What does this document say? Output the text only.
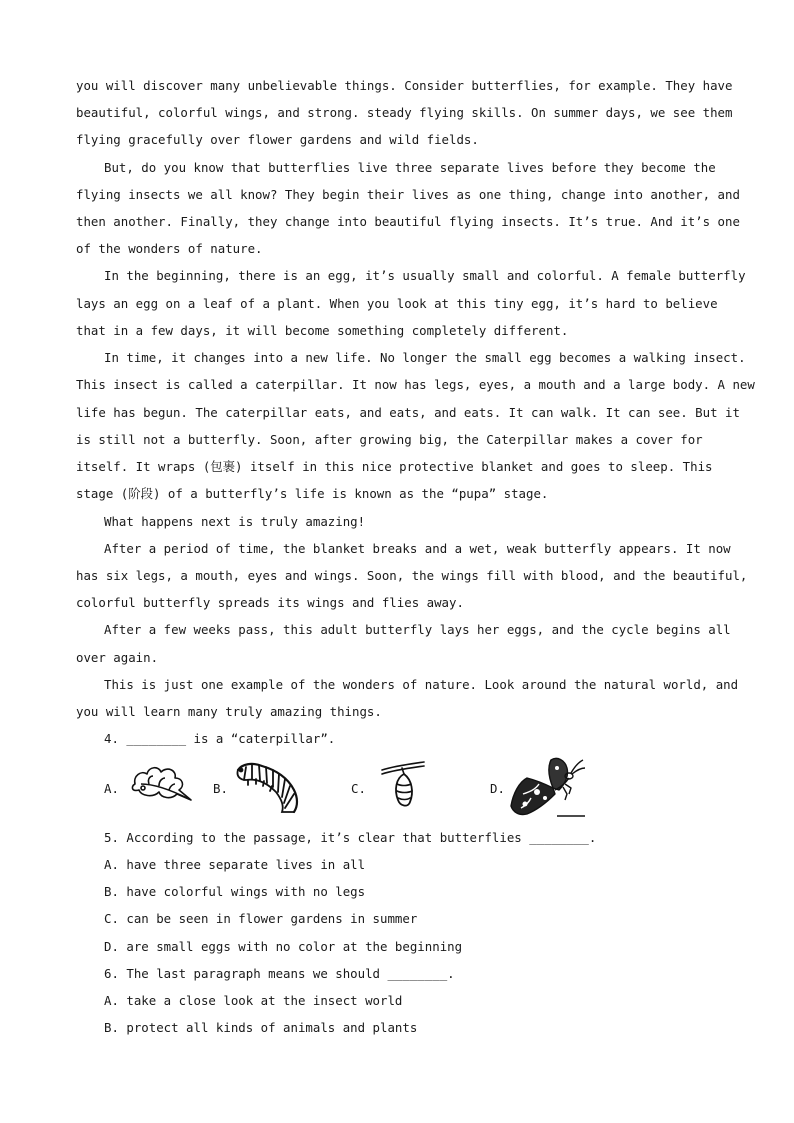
you will discover many unbelievable things. Consider butterflies, for example. They have
beautiful, colorful wings, and strong. steady flying skills. On summer days, we see them
flying gracefully over flower gardens and wild fields.
But, do you know that butterflies live three separate lives before they become the
flying insects we all know? They begin their lives as one thing, change into another, and
then another. Finally, they change into beautiful flying insects. It’s true. And it’s one
of the wonders of nature.
In the beginning, there is an egg, it’s usually small and colorful. A female butterfly
lays an egg on a leaf of a plant. When you look at this tiny egg, it’s hard to believe
that in a few days, it will become something completely different.
In time, it changes into a new life. No longer the small egg becomes a walking insect.
This insect is called a caterpillar. It now has legs, eyes, a mouth and a large body. A new
life has begun. The caterpillar eats, and eats, and eats. It can walk. It can see. But it
is still not a butterfly. Soon, after growing big, the Caterpillar makes a cover for
itself. It wraps (包裹) itself in this nice protective blanket and goes to sleep. This
stage (阶段) of a butterfly’s life is known as the “pupa” stage.
What happens next is truly amazing!
After a period of time, the blanket breaks and a wet, weak butterfly appears. It now
has six legs, a mouth, eyes and wings. Soon, the wings fill with blood, and the beautiful,
colorful butterfly spreads its wings and flies away.
After a few weeks pass, this adult butterfly lays her eggs, and the cycle begins all
over again.
This is just one example of the wonders of nature. Look around the natural world, and
you will learn many truly amazing things.
4. ________ is a “caterpillar”.
A.	B.	C.	D.
5. According to the passage, it’s clear that butterflies ________.
A. have three separate lives in all
B. have colorful wings with no legs
C. can be seen in flower gardens in summer
D. are small eggs with no color at the beginning
6. The last paragraph means we should ________.
A. take a close look at the insect world
B. protect all kinds of animals and plants
